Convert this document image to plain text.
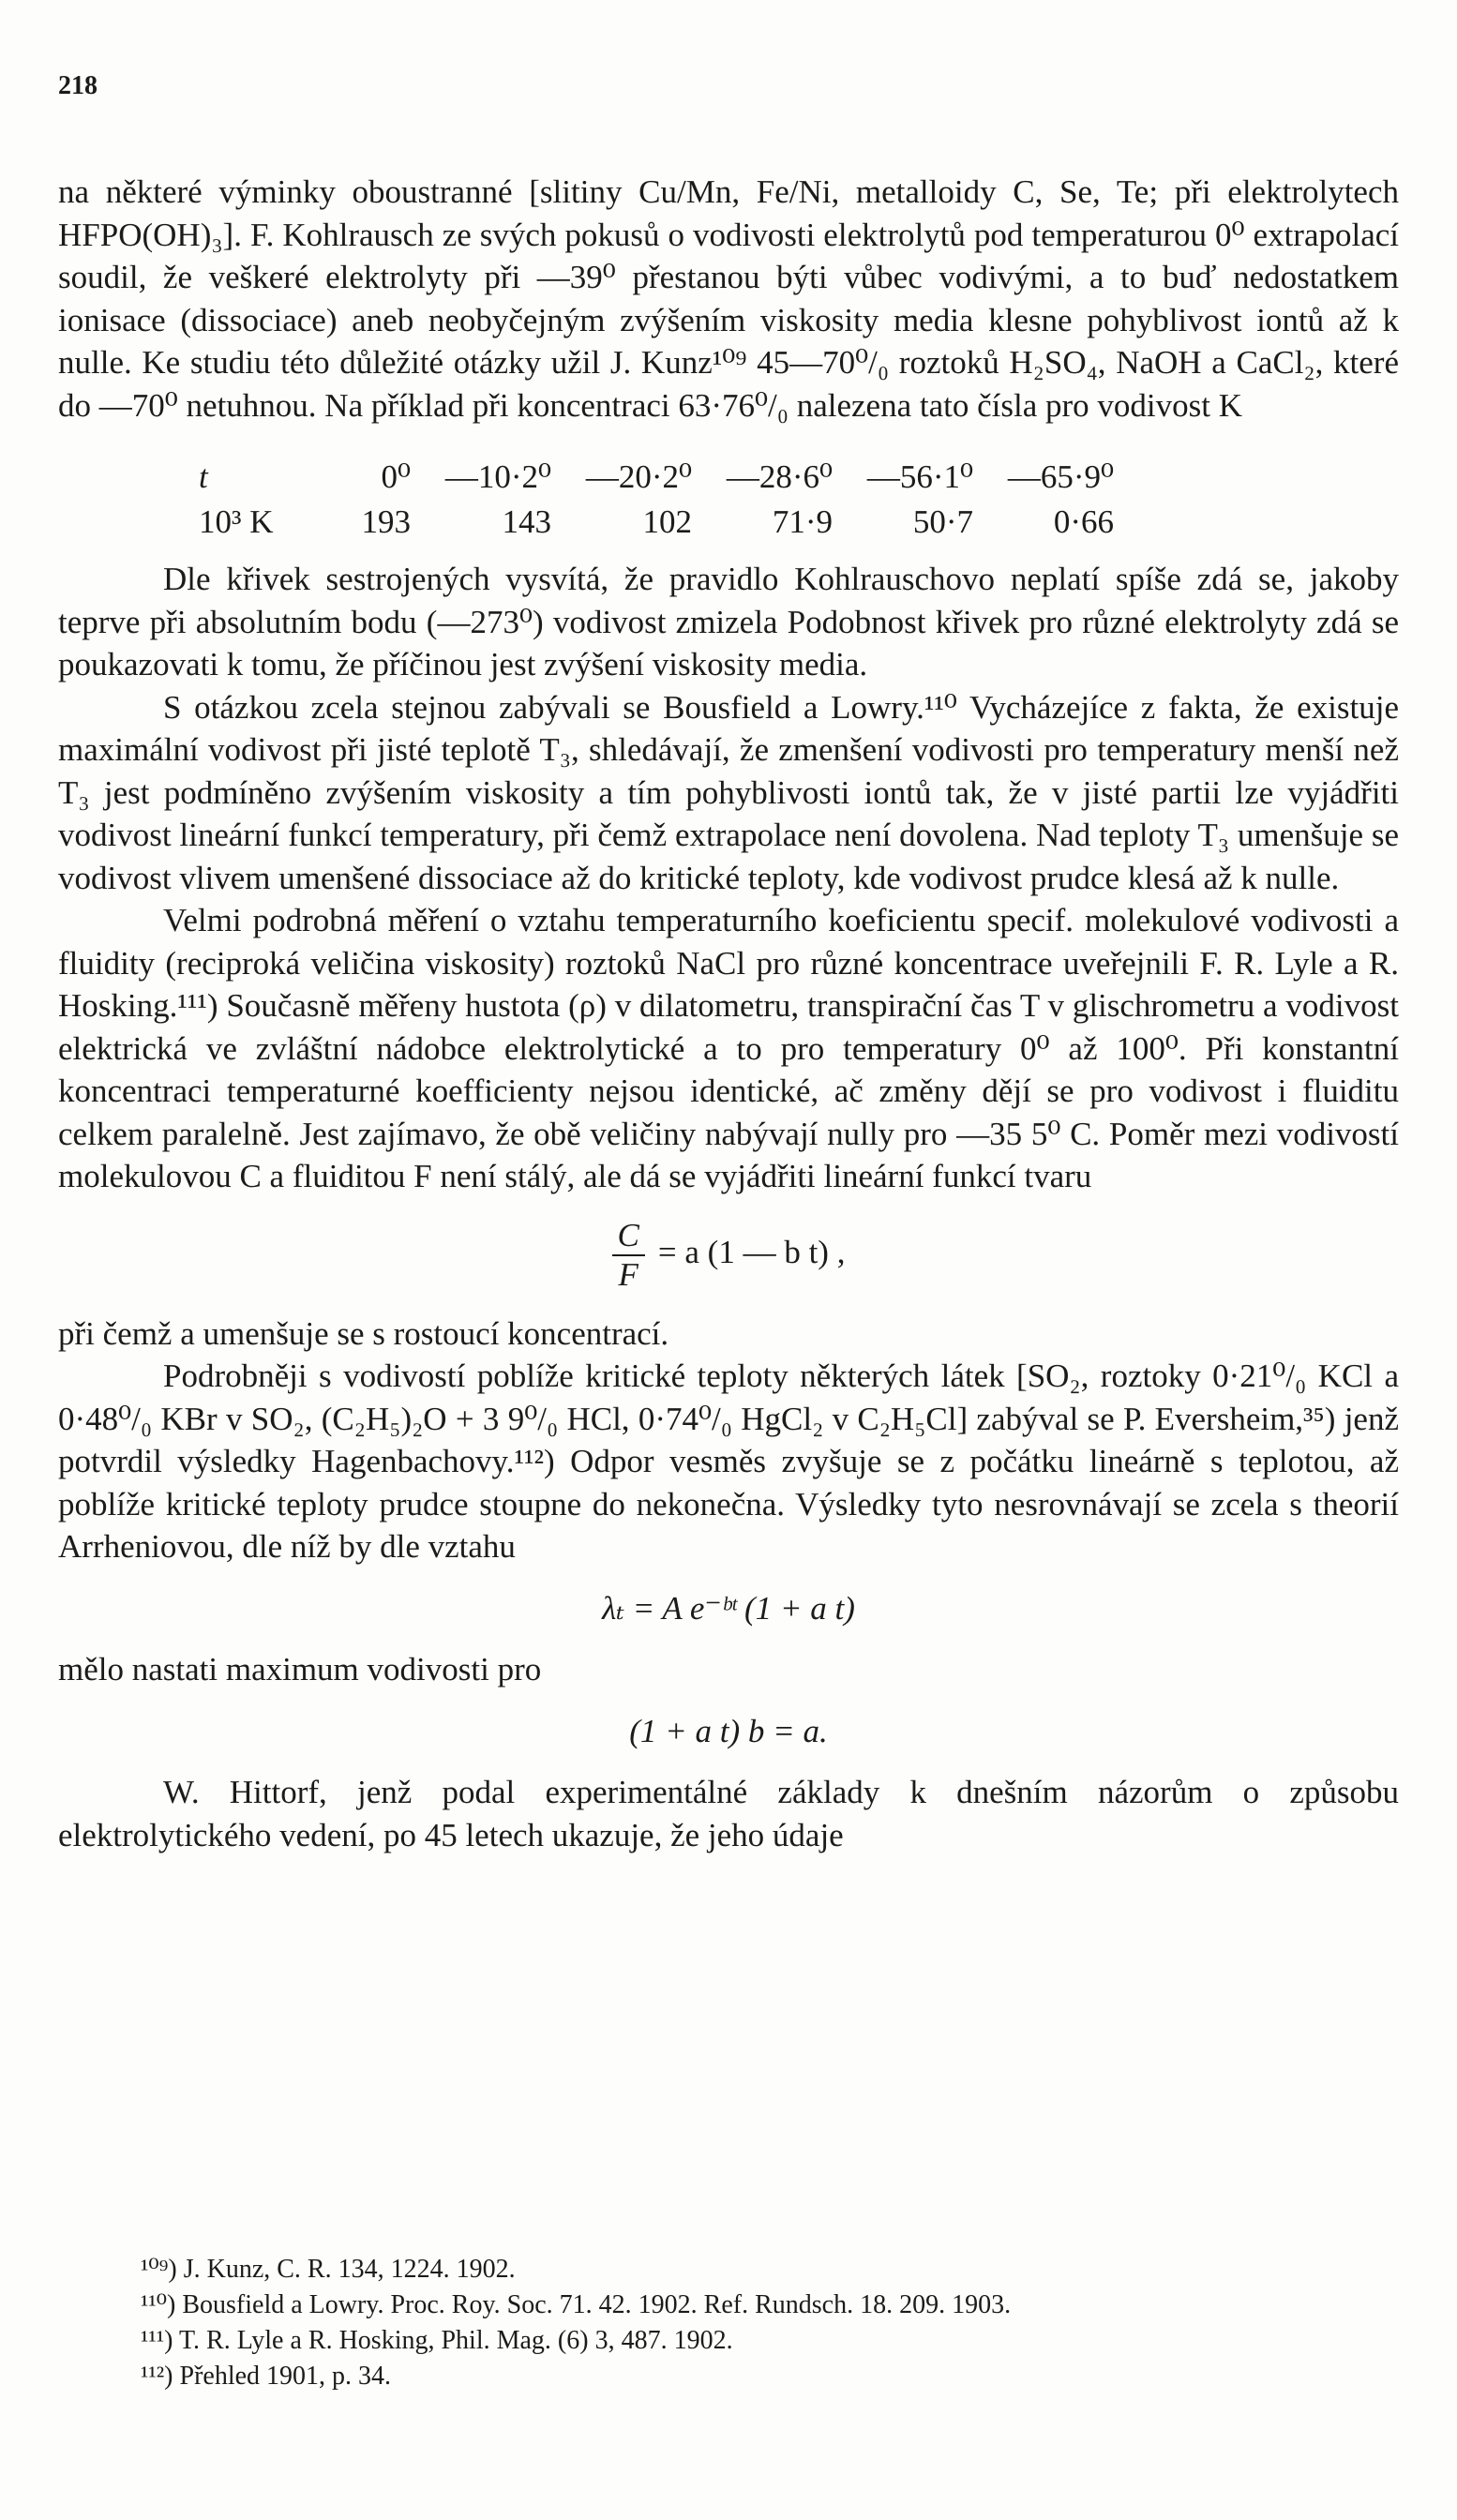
218

na některé výminky oboustranné [slitiny Cu/Mn, Fe/Ni, metalloidy C, Se, Te; při elektrolytech HFPO(OH)₃]. F. Kohlrausch ze svých pokusů o vodivosti elektrolytů pod temperaturou 0⁰ extrapolací soudil, že veškeré elektrolyty při —39⁰ přestanou býti vůbec vodivými, a to buď nedostatkem ionisace (dissociace) aneb neobyčejným zvýšením viskosity media klesne pohyblivost iontů až k nulle. Ke studiu této důležité otázky užil J. Kunz¹⁰⁹ 45—70⁰/₀ roztoků H₂SO₄, NaOH a CaCl₂, které do —70⁰ netuhnou. Na příklad při koncentraci 63·76⁰/₀ nalezena tato čísla pro vodivost K

t	0⁰	—10·2⁰	—20·2⁰	—28·6⁰	—56·1⁰	—65·9⁰
10³ K	193	143	102	71·9	50·7	0·66

Dle křivek sestrojených vysvítá, že pravidlo Kohlrauschovo neplatí spíše zdá se, jakoby teprve při absolutním bodu (—273⁰) vodivost zmizela Podobnost křivek pro různé elektrolyty zdá se poukazovati k tomu, že příčinou jest zvýšení viskosity media.

S otázkou zcela stejnou zabývali se Bousfield a Lowry.¹¹⁰ Vycházejíce z fakta, že existuje maximální vodivost při jisté teplotě T₃, shledávají, že zmenšení vodivosti pro temperatury menší než T₃ jest podmíněno zvýšením viskosity a tím pohyblivosti iontů tak, že v jisté partii lze vyjádřiti vodivost lineární funkcí temperatury, při čemž extrapolace není dovolena. Nad teploty T₃ umenšuje se vodivost vlivem umenšené dissociace až do kritické teploty, kde vodivost prudce klesá až k nulle.

Velmi podrobná měření o vztahu temperaturního koeficientu specif. molekulové vodivosti a fluidity (reciproká veličina viskosity) roztoků NaCl pro různé koncentrace uveřejnili F. R. Lyle a R. Hosking.¹¹¹) Současně měřeny hustota (ρ) v dilatometru, transpirační čas T v glischrometru a vodivost elektrická ve zvláštní nádobce elektrolytické a to pro temperatury 0⁰ až 100⁰. Při konstantní koncentraci temperaturné koefficienty nejsou identické, ač změny dějí se pro vodivost i fluiditu celkem paralelně. Jest zajímavo, že obě veličiny nabývají nully pro —35 5⁰ C. Poměr mezi vodivostí molekulovou C a fluiditou F není stálý, ale dá se vyjádřiti lineární funkcí tvaru

$\frac{C}{F} = a$ (1 — b t) ,

při čemž a umenšuje se s rostoucí koncentrací.

Podrobněji s vodivostí poblíže kritické teploty některých látek [SO₂, roztoky 0·21⁰/₀ KCl a 0·48⁰/₀ KBr v SO₂, (C₂H₅)₂O + 3 9⁰/₀ HCl, 0·74⁰/₀ HgCl₂ v C₂H₅Cl] zabýval se P. Eversheim,³⁵) jenž potvrdil výsledky Hagenbachovy.¹¹²) Odpor vesměs zvyšuje se z počátku lineárně s teplotou, až poblíže kritické teploty prudce stoupne do nekonečna. Výsledky tyto nesrovnávají se zcela s theorií Arrheniovou, dle níž by dle vztahu

λₜ = A e⁻ᵇᵗ (1 + a t)

mělo nastati maximum vodivosti pro

(1 + a t) b = a.

W. Hittorf, jenž podal experimentálné základy k dnešním názorům o způsobu elektrolytického vedení, po 45 letech ukazuje, že jeho údaje

¹⁰⁹) J. Kunz, C. R. 134, 1224. 1902.
¹¹⁰) Bousfield a Lowry. Proc. Roy. Soc. 71. 42. 1902. Ref. Rundsch. 18. 209. 1903.
¹¹¹) T. R. Lyle a R. Hosking, Phil. Mag. (6) 3, 487. 1902.
¹¹²) Přehled 1901, p. 34.
